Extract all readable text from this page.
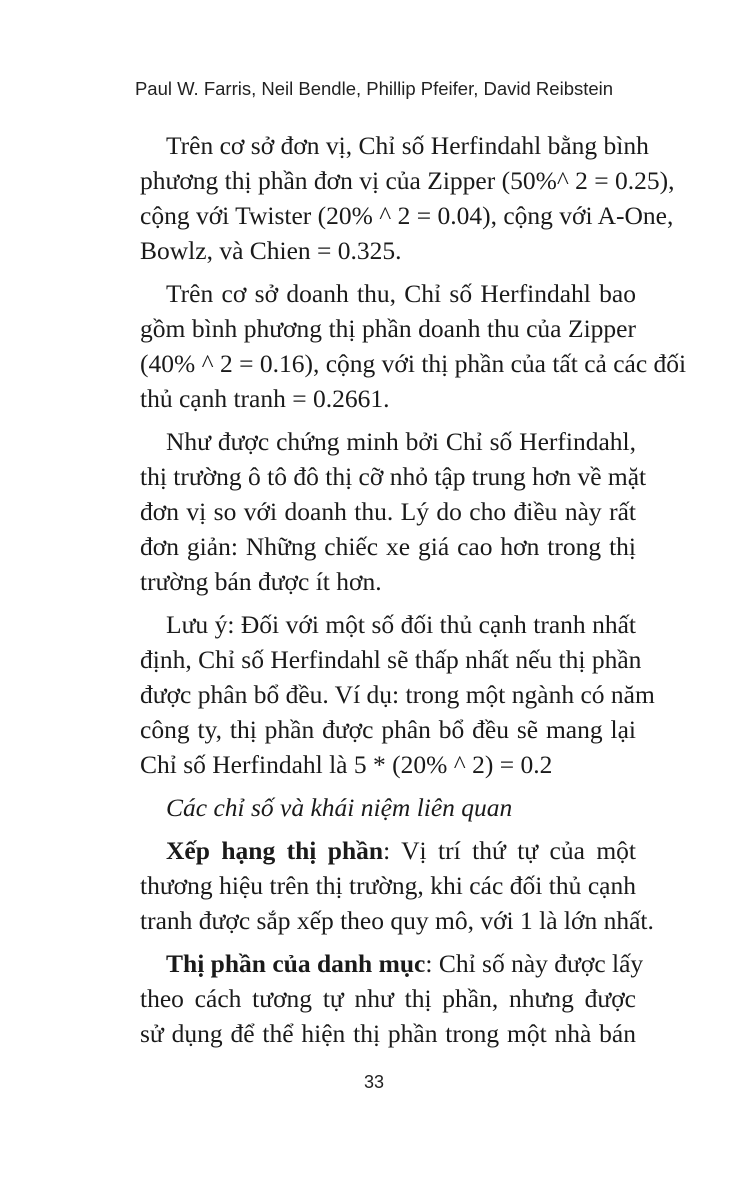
Paul W. Farris, Neil Bendle, Phillip Pfeifer, David Reibstein
Trên cơ sở đơn vị, Chỉ số Herfindahl bằng bình
phương thị phần đơn vị của Zipper (50%^ 2 = 0.25),
cộng với Twister (20% ^ 2 = 0.04), cộng với A-One,
Bowlz, và Chien = 0.325.
Trên cơ sở doanh thu, Chỉ số Herfindahl bao
gồm bình phương thị phần doanh thu của Zipper
(40% ^ 2 = 0.16), cộng với thị phần của tất cả các đối
thủ cạnh tranh = 0.2661.
Như được chứng minh bởi Chỉ số Herfindahl,
thị trường ô tô đô thị cỡ nhỏ tập trung hơn về mặt
đơn vị so với doanh thu. Lý do cho điều này rất
đơn giản: Những chiếc xe giá cao hơn trong thị
trường bán được ít hơn.
Lưu ý: Đối với một số đối thủ cạnh tranh nhất
định, Chỉ số Herfindahl sẽ thấp nhất nếu thị phần
được phân bổ đều. Ví dụ: trong một ngành có năm
công ty, thị phần được phân bổ đều sẽ mang lại
Chỉ số Herfindahl là 5 * (20% ^ 2) = 0.2
Các chỉ số và khái niệm liên quan
Xếp hạng thị phần: Vị trí thứ tự của một
thương hiệu trên thị trường, khi các đối thủ cạnh
tranh được sắp xếp theo quy mô, với 1 là lớn nhất.
Thị phần của danh mục: Chỉ số này được lấy
theo cách tương tự như thị phần, nhưng được
sử dụng để thể hiện thị phần trong một nhà bán
33
